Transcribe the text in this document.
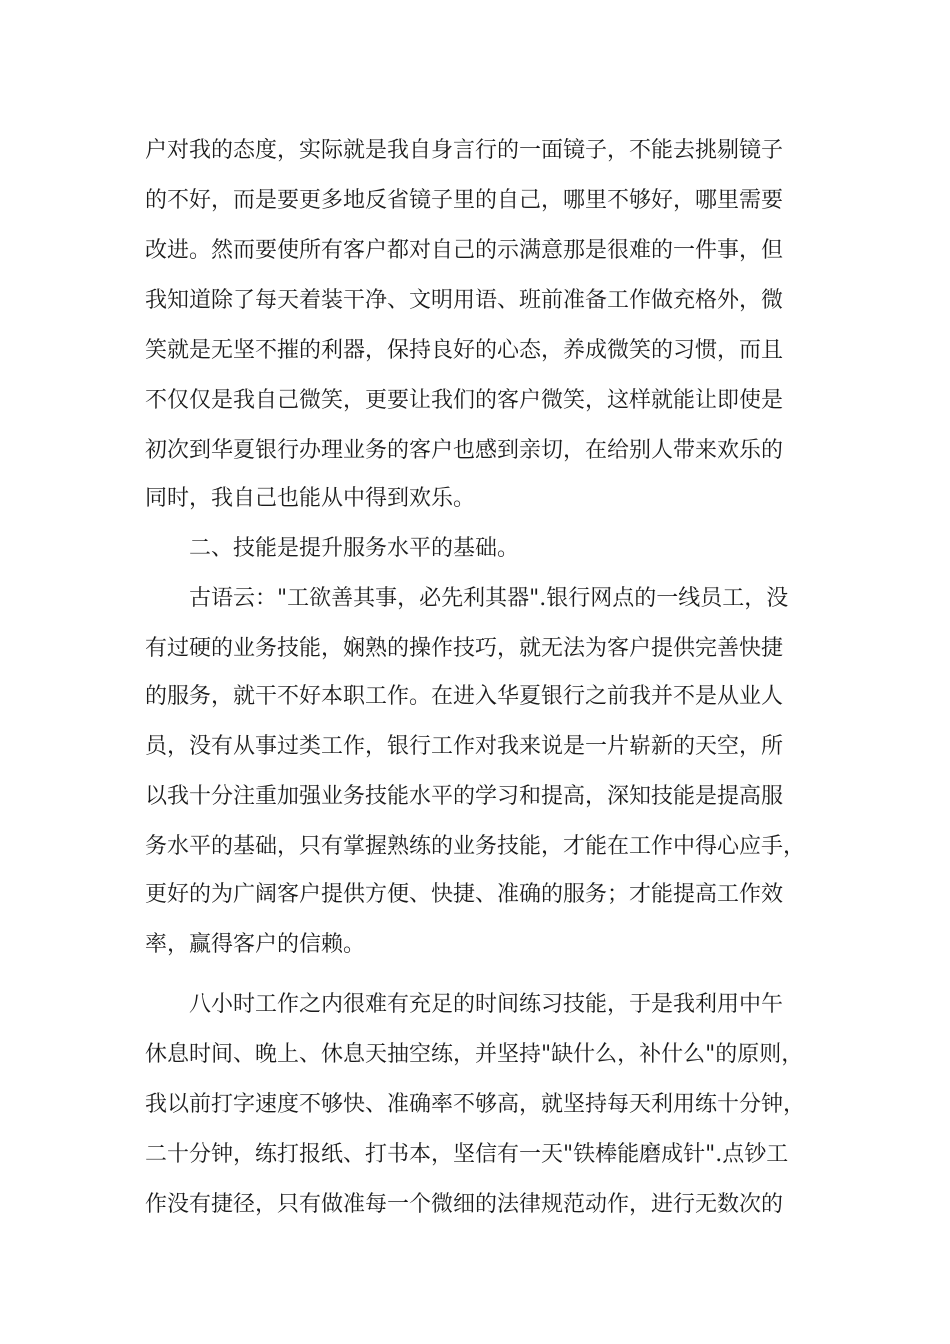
户对我的态度，实际就是我自身言行的一面镜子，不能去挑剔镜子
的不好，而是要更多地反省镜子里的自己，哪里不够好，哪里需要
改进。然而要使所有客户都对自己的示满意那是很难的一件事，但
我知道除了每天着装干净、文明用语、班前准备工作做充格外，微
笑就是无坚不摧的利器，保持良好的心态，养成微笑的习惯，而且
不仅仅是我自己微笑，更要让我们的客户微笑，这样就能让即使是
初次到华夏银行办理业务的客户也感到亲切，在给别人带来欢乐的
同时，我自己也能从中得到欢乐。
　　二、技能是提升服务水平的基础。
　　古语云："工欲善其事，必先利其器".银行网点的一线员工，没
有过硬的业务技能，娴熟的操作技巧，就无法为客户提供完善快捷
的服务，就干不好本职工作。在进入华夏银行之前我并不是从业人
员，没有从事过类工作，银行工作对我来说是一片崭新的天空，所
以我十分注重加强业务技能水平的学习和提高，深知技能是提高服
务水平的基础，只有掌握熟练的业务技能，才能在工作中得心应手，
更好的为广阔客户提供方便、快捷、准确的服务；才能提高工作效
率，赢得客户的信赖。
　　八小时工作之内很难有充足的时间练习技能，于是我利用中午
休息时间、晚上、休息天抽空练，并坚持"缺什么，补什么"的原则，
我以前打字速度不够快、准确率不够高，就坚持每天利用练十分钟，
二十分钟，练打报纸、打书本，坚信有一天"铁棒能磨成针".点钞工
作没有捷径，只有做准每一个微细的法律规范动作，进行无数次的
